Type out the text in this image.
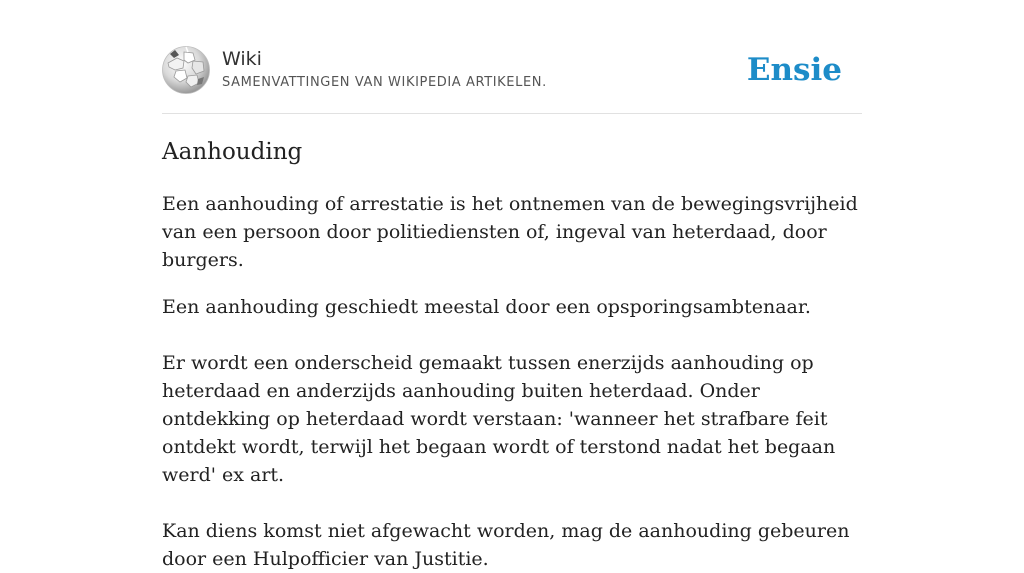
Wiki
SAMENVATTINGEN VAN WIKIPEDIA ARTIKELEN.	Ensie
Aanhouding

Een aanhouding of arrestatie is het ontnemen van de bewegingsvrijheid van een persoon door politiediensten of, ingeval van heterdaad, door burgers.

Een aanhouding geschiedt meestal door een opsporingsambtenaar.

Er wordt een onderscheid gemaakt tussen enerzijds aanhouding op heterdaad en anderzijds aanhouding buiten heterdaad. Onder ontdekking op heterdaad wordt verstaan: 'wanneer het strafbare feit ontdekt wordt, terwijl het begaan wordt of terstond nadat het begaan werd' ex art.

Kan diens komst niet afgewacht worden, mag de aanhouding gebeuren door een Hulpofficier van Justitie.
